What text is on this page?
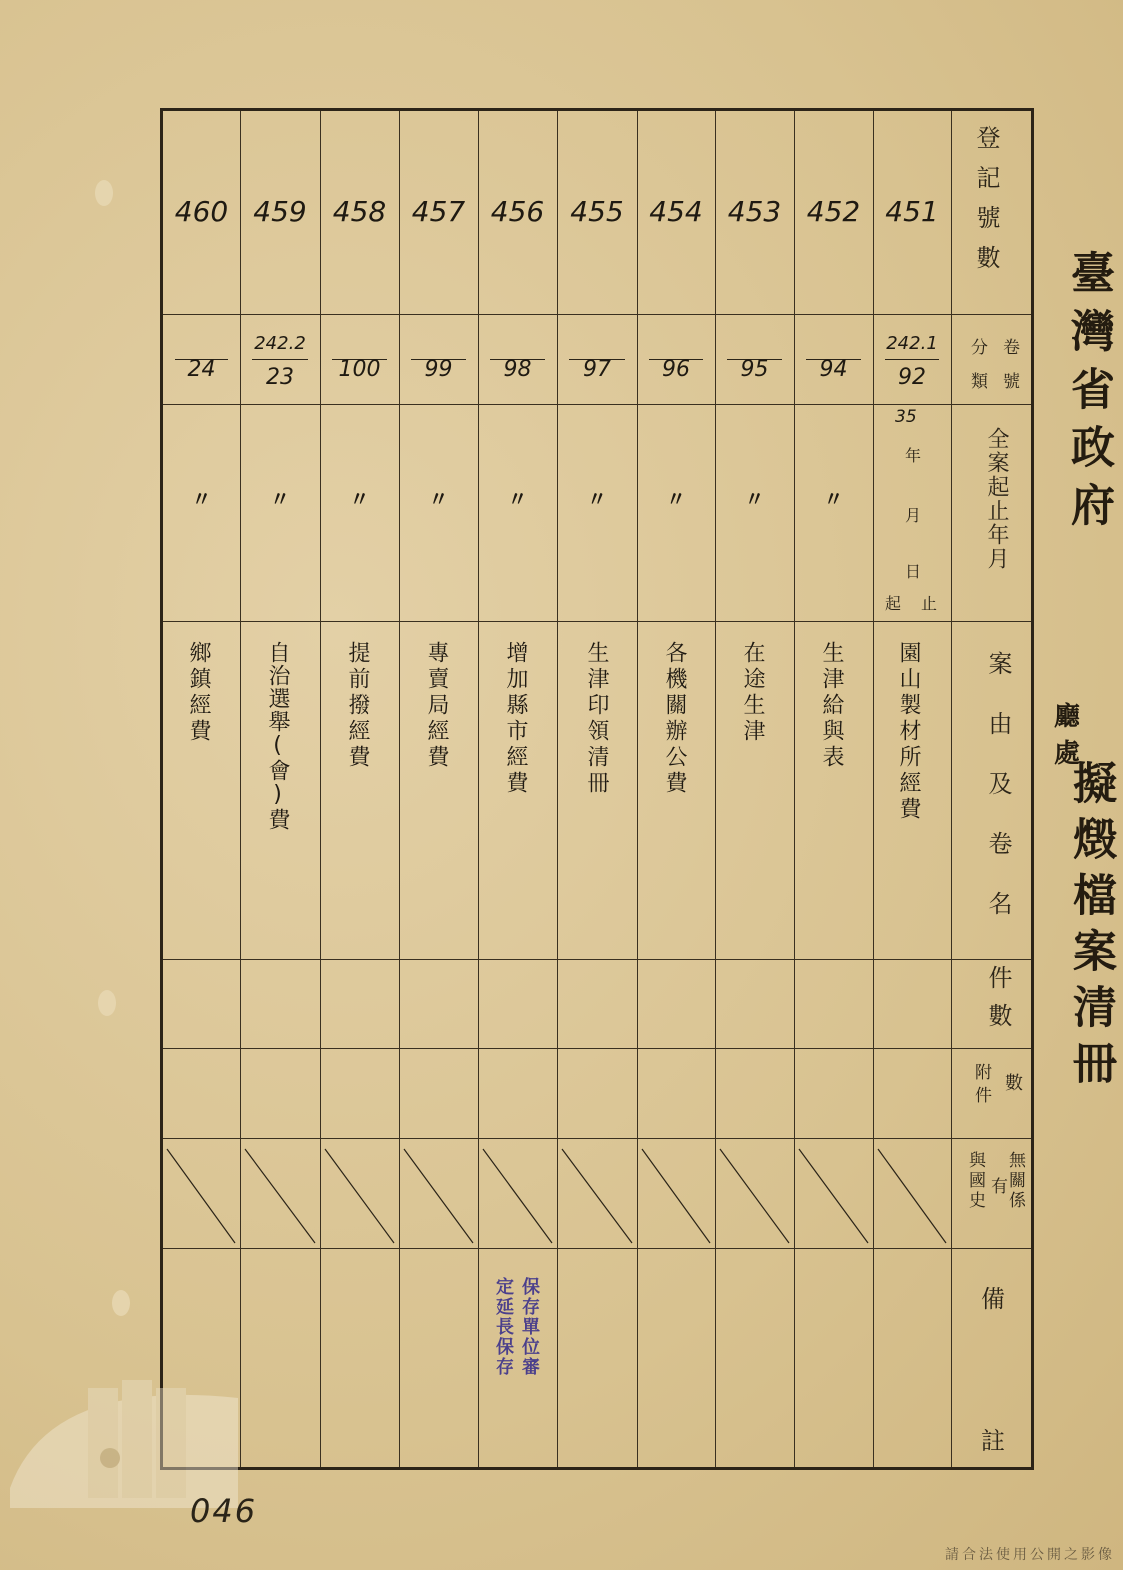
臺灣省政府
廳處
擬燬檔案清冊
登記號數
卷
號
分
類
全案起止年月
案由及卷名
件數
數
附件
無關係
有
與國史
備
註
451
242.1
92
35
年
月
日
起 止
園山製材所經費
452
94
〃
生津給與表
453
95
〃
在途生津
454
96
〃
各機關辦公費
455
97
〃
生津印領清冊
456
98
〃
增加縣市經費
保存單位審
定延長保存
457
99
〃
專賣局經費
458
100
〃
提前撥經費
459
242.2
23
〃
自治選舉(會)費
460
24
〃
鄉鎮經費
046
請合法使用公開之影像
